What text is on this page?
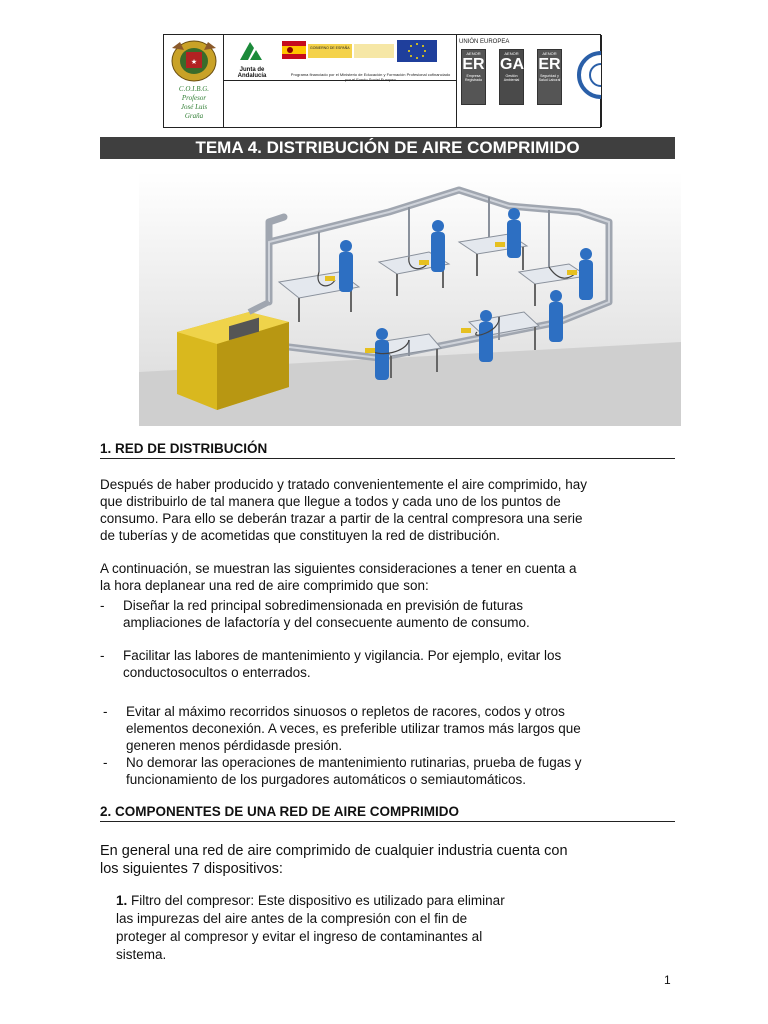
★
C.O.I.B.G.
Profesor
José Luis
Graña
Junta de Andalucía
GOBIERNO DE ESPAÑA
Programa financiado por el Ministerio de Educación y Formación Profesional cofinanciado por el Fondo Social Europeo
UNIÓN EUROPEA
AENOR
ER
Empresa Registrada
AENOR
GA
Gestión Ambiental
AENOR
ER
Seguridad y Salud Laboral
TEMA 4. DISTRIBUCIÓN DE AIRE COMPRIMIDO
1. RED DE DISTRIBUCIÓN
Después de haber producido y tratado convenientemente el aire comprimido, hay
que distribuirlo de tal manera que llegue a todos y cada uno de los puntos de
consumo. Para ello se deberán trazar a partir de la central compresora una serie
de tuberías y de acometidas que constituyen la red de distribución.
A continuación, se muestran las siguientes consideraciones a tener en cuenta a
la hora deplanear una red de aire comprimido que son:
- Diseñar la red principal sobredimensionada en previsión de futuras
ampliaciones de lafactoría y del consecuente aumento de consumo.
- Facilitar las labores de mantenimiento y vigilancia. Por ejemplo, evitar los
conductosocultos o enterrados.
- Evitar al máximo recorridos sinuosos o repletos de racores, codos y otros
elementos deconexión. A veces, es preferible utilizar tramos más largos que
generen menos pérdidasde presión.
- No demorar las operaciones de mantenimiento rutinarias, prueba de fugas y
funcionamiento de los purgadores automáticos o semiautomáticos.
2. COMPONENTES DE UNA RED DE AIRE COMPRIMIDO
En general una red de aire comprimido de cualquier industria cuenta con
los siguientes 7 dispositivos:
1. Filtro del compresor: Este dispositivo es utilizado para eliminar
las impurezas del aire antes de la compresión con el fin de
proteger al compresor y evitar el ingreso de contaminantes al
sistema.
1
